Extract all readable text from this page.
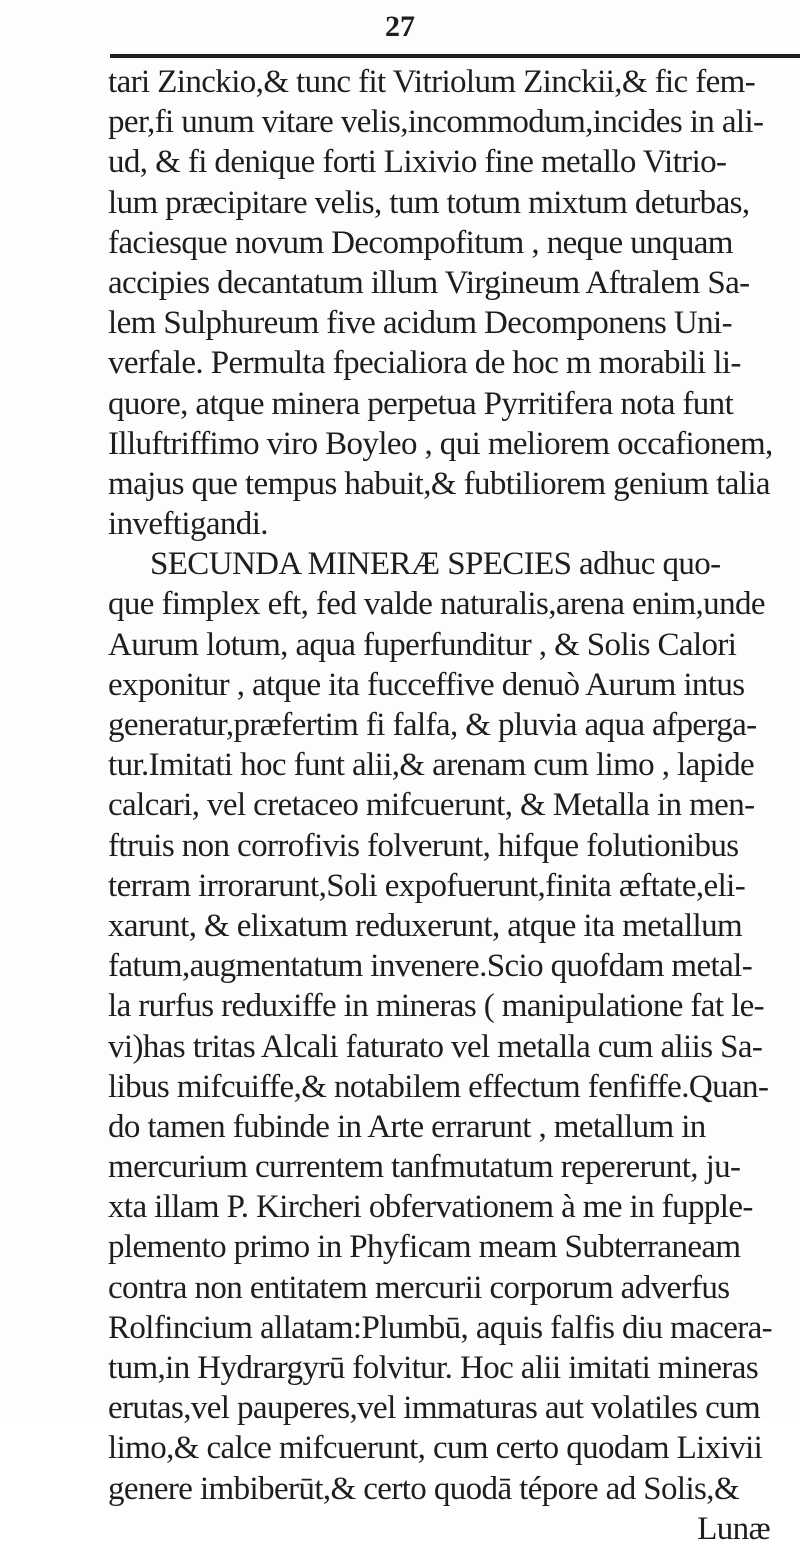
27
tari Zinckio,& tunc fit Vitriolum Zinckii,& fic fem-
per,fi unum vitare velis,incommodum,incides in ali-
ud, & fi denique forti Lixivio fine metallo Vitrio-
lum præcipitare velis, tum totum mixtum deturbas,
faciesque novum Decompofitum , neque unquam
accipies decantatum illum Virgineum Aftralem Sa-
lem Sulphureum five acidum Decomponens Uni-
verfale. Permulta fpecialiora de hoc m morabili li-
quore, atque minera perpetua Pyrritifera nota funt
Illuftriffimo viro Boyleo , qui meliorem occafionem,
majus que tempus habuit,& fubtiliorem genium talia
inveftigandi.
SECUNDA MINERÆ SPECIES adhuc quo-
que fimplex eft, fed valde naturalis,arena enim,unde
Aurum lotum, aqua fuperfunditur , & Solis Calori
exponitur , atque ita fucceffive denuò Aurum intus
generatur,præfertim fi falfa, & pluvia aqua afperga-
tur.Imitati hoc funt alii,& arenam cum limo , lapide
calcari, vel cretaceo mifcuerunt, & Metalla in men-
ftruis non corrofivis folverunt, hifque folutionibus
terram irrorarunt,Soli expofuerunt,finita æftate,eli-
xarunt, & elixatum reduxerunt, atque ita metallum
fatum,augmentatum invenere.Scio quofdam metal-
la rurfus reduxiffe in mineras ( manipulatione fat le-
vi)has tritas Alcali faturato vel metalla cum aliis Sa-
libus mifcuiffe,& notabilem effectum fenfiffe.Quan-
do tamen fubinde in Arte errarunt , metallum in
mercurium currentem tanfmutatum repererunt, ju-
xta illam P. Kircheri obfervationem à me in fupple-
plemento primo in Phyficam meam Subterraneam
contra non entitatem mercurii corporum adverfus
Rolfincium allatam:Plumbū, aquis falfis diu macera-
tum,in Hydrargyrū folvitur. Hoc alii imitati mineras
erutas,vel pauperes,vel immaturas aut volatiles cum
limo,& calce mifcuerunt, cum certo quodam Lixivii
genere imbiberūt,& certo quodā tépore ad Solis,&
Lunæ
